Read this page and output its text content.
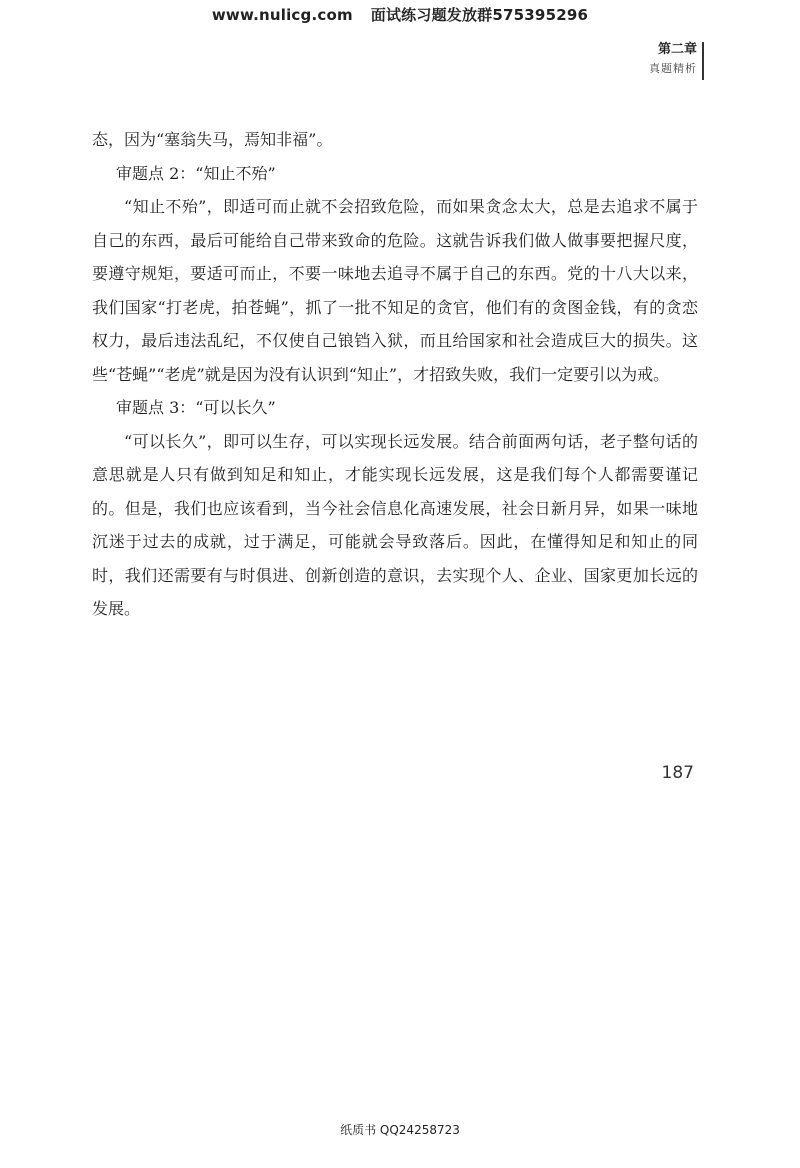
www.nulicg.com 面试练习题发放群575395296
第二章
真题精析

态，因为“塞翁失马，焉知非福”。

审题点 2：“知止不殆”

“知止不殆”，即适可而止就不会招致危险，而如果贪念太大，总是去追求不属于自己的东西，最后可能给自己带来致命的危险。这就告诉我们做人做事要把握尺度，要遵守规矩，要适可而止，不要一味地去追寻不属于自己的东西。党的十八大以来，我们国家“打老虎，拍苍蝇”，抓了一批不知足的贪官，他们有的贪图金钱，有的贪恋权力，最后违法乱纪，不仅使自己锒铛入狱，而且给国家和社会造成巨大的损失。这些“苍蝇”“老虎”就是因为没有认识到“知止”，才招致失败，我们一定要引以为戒。

审题点 3：“可以长久”

“可以长久”，即可以生存，可以实现长远发展。结合前面两句话，老子整句话的意思就是人只有做到知足和知止，才能实现长远发展，这是我们每个人都需要谨记的。但是，我们也应该看到，当今社会信息化高速发展，社会日新月异，如果一味地沉迷于过去的成就，过于满足，可能就会导致落后。因此，在懂得知足和知止的同时，我们还需要有与时俱进、创新创造的意识，去实现个人、企业、国家更加长远的发展。

187
纸质书 QQ24258723
